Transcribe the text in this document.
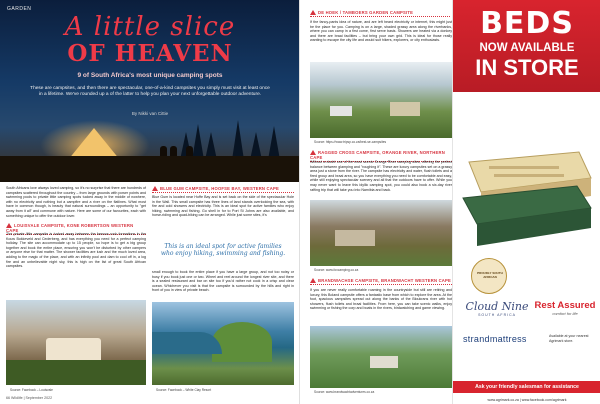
GARDEN
A little slice
OF HEAVEN
9 of South Africa's most unique camping spots
These are campsites, and then there are spectacular, one-of-a-kind campsites you simply must visit at least once in a lifetime. We've rounded up a of the latter to help you plan your next unforgettable outdoor adventure.
By Nikki van Cittie
South Africans love always loved camping, so it's no surprise that there are hundreds of campsites scattered throughout the country – from large grounds with power points and swimming pools to private little camping spots tucked away in the middle of nowhere, with no electricity and nothing but a campfire and a river on the flatlines. What most have in common though, is beauty that natural surroundings – an opportunity to "get away from it all" and commune with nature. Here are some of our favourites, each with something unique to offer the outdoor lover.
LOUISVALE CAMPSITE, KONE ROBERTSON WESTERN CAPE
The private little campsite is tucked away between the famous rock formations in the Kouw Bokkeveld and Cederberg, and has everything you need for a perfect camping holiday. The site can accommodate up to 15 people, so hope is to get a big group together and book the entire place, ensuring you won't be disturbed by other campers or anyone else for that matter. The shower facilities are lush and the much loved area, adding to the magic of the place, and with an infinity pool and dam to cool off in, a log fire and an unbelievable night sky, this is high on the list of great South African campsites.
Source: Facebook – Louisvale
BLUE GUM CAMPSITE, HOOFSE BAY, WESTERN CAPE
Blue Gum is located near Hoffe Bay and is set back on the side of the spectacular Hole in the Wall. This small campsite has three lines of land stands overlooking the sea, with fire and cold showers and electricity. This is an ideal spot for active families who enjoy hiking, swimming and fishing. Go shell in for to Port St Johns are also available, and horse-riding and quad-biking can be arranged. While just some sites, it's
This is an ideal spot for active families who enjoy hiking, swimming and fishing.
small enough to book the entire place if you have a large group, and not too noisy or busy if you book just one or two. Wheel and reel around the longest river site, and there is a sealed restaurant and bar on site too if you'd rather not cook in a crisp and clear ocean. Whichever you visit is that the campsite is surrounded by the hills and right in front of you in view of private beach.
Source: Facebook – White Clay Resort
66 Wildlife | September 2022
DE HOEK / TAMBOERS GARDEN CAMPSITE
If the fancy-pants idea of nature, and are left heard electricity or internet, this might just be the place for you. Camping is on a large, shaded grassy area along the riverbanks, where you can camp in a first come, first serve basis. Showers are heated via a donkey and there are braai facilities – but bring your own grid. This is ideal for those really wanting to escape the city life and would suit hikers, explorers, or city enthusiasts.
Source: https://www.tripsp.co.za/best-se-campsites
RAGGED CROSS CAMPSITE, ORANGE RIVER, NORTHERN CAPE
Without a doubt one of the most scenic Orange River camping sites, offering the perfect balance between glamping and "roughing it". These are luxury campsites set on a grassy area just a stone from the river. The campsite has electricity and water, flush toilets and a fired group and braai area, so you have everything you need to be comfortable and easy, while still enjoying spectacular scenery and all that the outdoors have to offer. While you may never want to leave this idyllic camping spot, you could also book a six-day river rafting trip that will take you into Namibia and back.
Source: www.foxcamping.co.za
BRANDWACHSE CAMPSITE, BRANDWACHT WESTERN CAPE
If you are never really comfortable roaming in the countryside but still are retiring and luxury, this Boland campsite offers a fantastic base from which to explore the area. At the foot, spacious campsites spread out along the banks of the Bloukrans river with hot showers, flush toilets and braai facilities. From here, you can take scenic walks, enjoy swimming or fishing the corp and boats in the rivers, birdwatching and game viewing.
Source: www.brandwachtadventures.co.za
BEDS
NOW AVAILABLE
IN STORE
PROUDLY SOUTH AFRICAN
Cloud Nine
SOUTH AFRICA
Rest Assured
comfort for life
strandmattress	Available at your nearest Agrimark store.
Ask your friendly salesman for assistance
www.agrimark.co.za | www.facebook.com/agrimark
